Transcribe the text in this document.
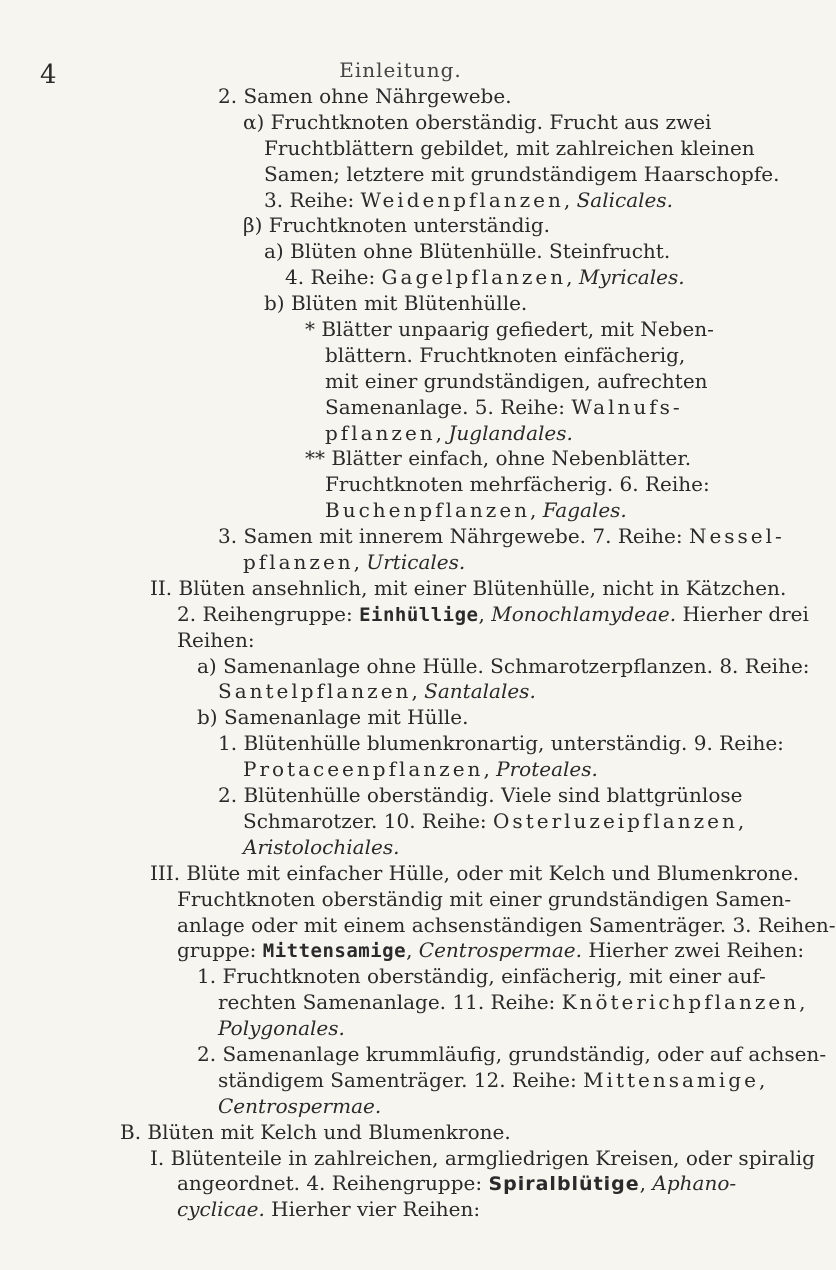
4	Einleitung.
2. Samen ohne Nährgewebe.
α) Fruchtknoten oberständig. Frucht aus zwei
Fruchtblättern gebildet, mit zahlreichen kleinen
Samen; letztere mit grundständigem Haarschopfe.
3. Reihe: Weidenpflanzen, Salicales.
β) Fruchtknoten unterständig.
a) Blüten ohne Blütenhülle. Steinfrucht.
4. Reihe: Gagelpflanzen, Myricales.
b) Blüten mit Blütenhülle.
* Blätter unpaarig gefiedert, mit Neben-
blättern. Fruchtknoten einfächerig,
mit einer grundständigen, aufrechten
Samenanlage. 5. Reihe: Walnufs-
pflanzen, Juglandales.
** Blätter einfach, ohne Nebenblätter.
Fruchtknoten mehrfächerig. 6. Reihe:
Buchenpflanzen, Fagales.
3. Samen mit innerem Nährgewebe. 7. Reihe: Nessel-
pflanzen, Urticales.
II. Blüten ansehnlich, mit einer Blütenhülle, nicht in Kätzchen.
2. Reihengruppe: Einhüllige, Monochlamydeae. Hierher drei
Reihen:
a) Samenanlage ohne Hülle. Schmarotzerpflanzen. 8. Reihe:
Santelpflanzen, Santalales.
b) Samenanlage mit Hülle.
1. Blütenhülle blumenkronartig, unterständig. 9. Reihe:
Protaceenpflanzen, Proteales.
2. Blütenhülle oberständig. Viele sind blattgrünlose
Schmarotzer. 10. Reihe: Osterluzeipflanzen,
Aristolochiales.
III. Blüte mit einfacher Hülle, oder mit Kelch und Blumenkrone.
Fruchtknoten oberständig mit einer grundständigen Samen-
anlage oder mit einem achsenständigen Samenträger. 3. Reihen-
gruppe: Mittensamige, Centrospermae. Hierher zwei Reihen:
1. Fruchtknoten oberständig, einfächerig, mit einer auf-
rechten Samenanlage. 11. Reihe: Knöterichpflanzen,
Polygonales.
2. Samenanlage krummläufig, grundständig, oder auf achsen-
ständigem Samenträger. 12. Reihe: Mittensamige,
Centrospermae.
B. Blüten mit Kelch und Blumenkrone.
I. Blütenteile in zahlreichen, armgliedrigen Kreisen, oder spiralig
angeordnet. 4. Reihengruppe: Spiralblütige, Aphano-
cyclicae. Hierher vier Reihen:
